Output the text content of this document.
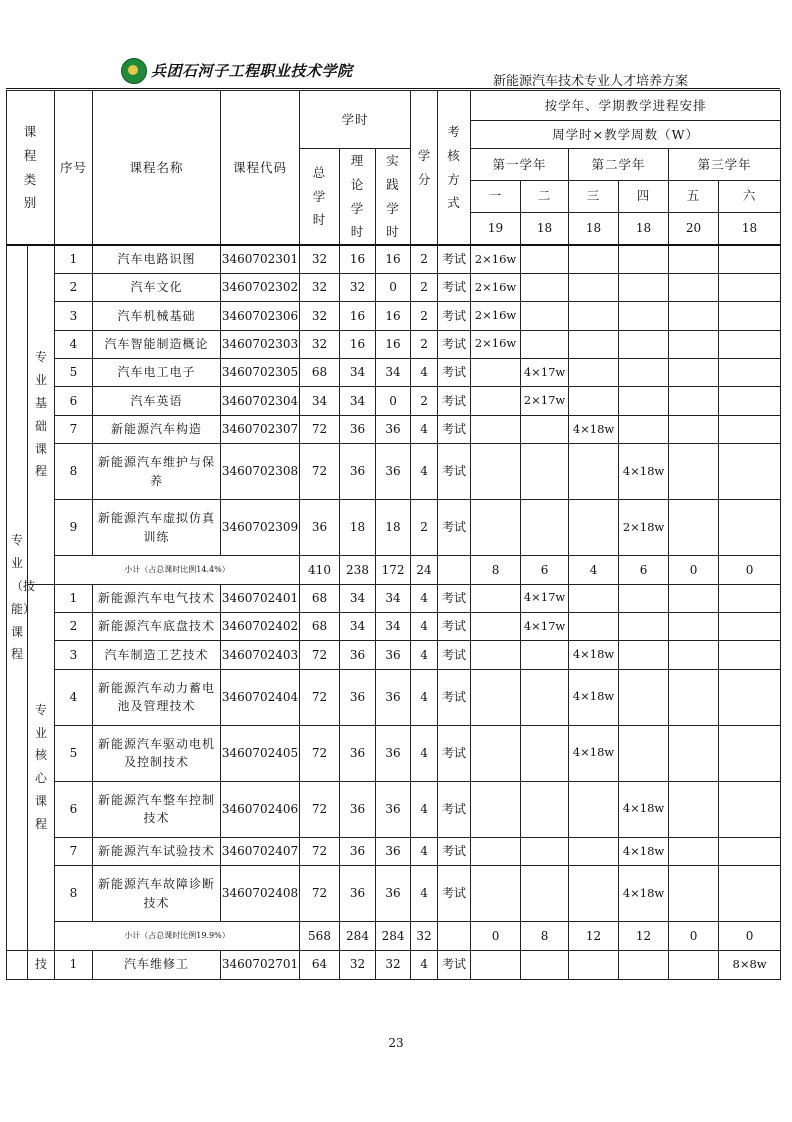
兵团石河子工程职业技术学院
新能源汽车技术专业人才培养方案
课程类别		序号	课程名称	课程代码	学时			学分	考核方式	按学年、学期教学进程安排					
										周学时×教学周数（W）					
					总学时	理论学时	实践学时			第一学年		第二学年		第三学年	
										一	二	三	四	五	六
										19	18	18	18	20	18
专业（技能）课程	专业基础课程	1	汽车电路识图	3460702301	32	16	16	2	考试	2×16w					
		2	汽车文化	3460702302	32	32	0	2	考试	2×16w					
		3	汽车机械基础	3460702306	32	16	16	2	考试	2×16w					
		4	汽车智能制造概论	3460702303	32	16	16	2	考试	2×16w					
		5	汽车电工电子	3460702305	68	34	34	4	考试		4×17w				
		6	汽车英语	3460702304	34	34	0	2	考试		2×17w				
		7	新能源汽车构造	3460702307	72	36	36	4	考试			4×18w			
		8	新能源汽车维护与保养	3460702308	72	36	36	4	考试				4×18w		
		9	新能源汽车虚拟仿真训练	3460702309	36	18	18	2	考试				2×18w		
		小计（占总课时比例14.4%）			410	238	172	24		8	6	4	6	0	0
	专业核心课程	1	新能源汽车电气技术	3460702401	68	34	34	4	考试		4×17w				
		2	新能源汽车底盘技术	3460702402	68	34	34	4	考试		4×17w				
		3	汽车制造工艺技术	3460702403	72	36	36	4	考试			4×18w			
		4	新能源汽车动力蓄电池及管理技术	3460702404	72	36	36	4	考试			4×18w			
		5	新能源汽车驱动电机及控制技术	3460702405	72	36	36	4	考试			4×18w			
		6	新能源汽车整车控制技术	3460702406	72	36	36	4	考试				4×18w		
		7	新能源汽车试验技术	3460702407	72	36	36	4	考试				4×18w		
		8	新能源汽车故障诊断技术	3460702408	72	36	36	4	考试				4×18w		
		小计（占总课时比例19.9%）			568	284	284	32		0	8	12	12	0	0
	技	1	汽车维修工	3460702701	64	32	32	4	考试						8×8w
23
